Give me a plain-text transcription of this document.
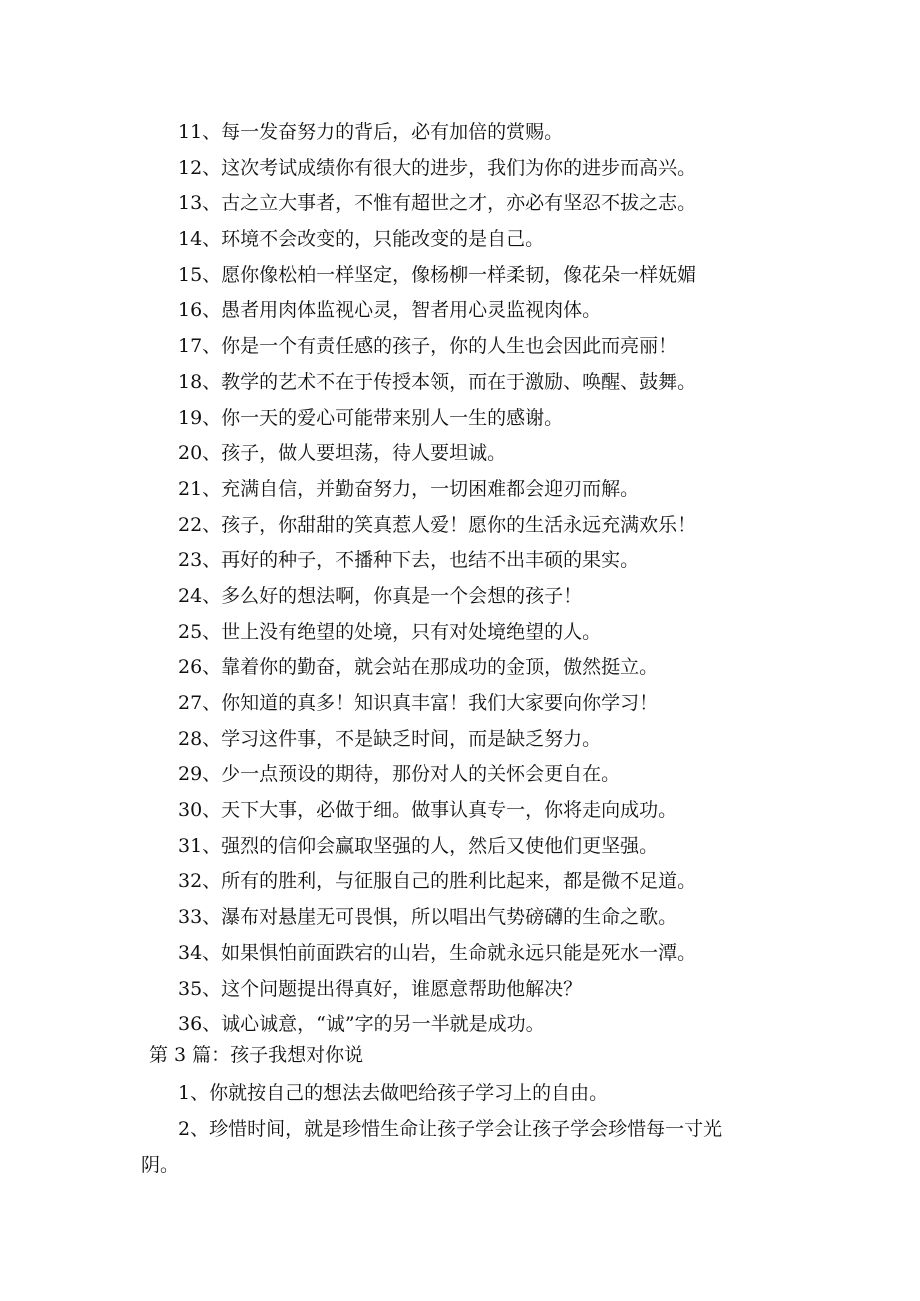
11、每一发奋努力的背后，必有加倍的赏赐。
12、这次考试成绩你有很大的进步，我们为你的进步而高兴。
13、古之立大事者，不惟有超世之才，亦必有坚忍不拔之志。
14、环境不会改变的，只能改变的是自己。
15、愿你像松柏一样坚定，像杨柳一样柔韧，像花朵一样妩媚
16、愚者用肉体监视心灵，智者用心灵监视肉体。
17、你是一个有责任感的孩子，你的人生也会因此而亮丽！
18、教学的艺术不在于传授本领，而在于激励、唤醒、鼓舞。
19、你一天的爱心可能带来别人一生的感谢。
20、孩子，做人要坦荡，待人要坦诚。
21、充满自信，并勤奋努力，一切困难都会迎刃而解。
22、孩子，你甜甜的笑真惹人爱！愿你的生活永远充满欢乐！
23、再好的种子，不播种下去，也结不出丰硕的果实。
24、多么好的想法啊，你真是一个会想的孩子！
25、世上没有绝望的处境，只有对处境绝望的人。
26、靠着你的勤奋，就会站在那成功的金顶，傲然挺立。
27、你知道的真多！知识真丰富！我们大家要向你学习！
28、学习这件事，不是缺乏时间，而是缺乏努力。
29、少一点预设的期待，那份对人的关怀会更自在。
30、天下大事，必做于细。做事认真专一，你将走向成功。
31、强烈的信仰会赢取坚强的人，然后又使他们更坚强。
32、所有的胜利，与征服自己的胜利比起来，都是微不足道。
33、瀑布对悬崖无可畏惧，所以唱出气势磅礴的生命之歌。
34、如果惧怕前面跌宕的山岩，生命就永远只能是死水一潭。
35、这个问题提出得真好，谁愿意帮助他解决？
36、诚心诚意，“诚”字的另一半就是成功。
第 3 篇：孩子我想对你说
1、你就按自己的想法去做吧给孩子学习上的自由。
2、珍惜时间，就是珍惜生命让孩子学会让孩子学会珍惜每一寸光
阴。
